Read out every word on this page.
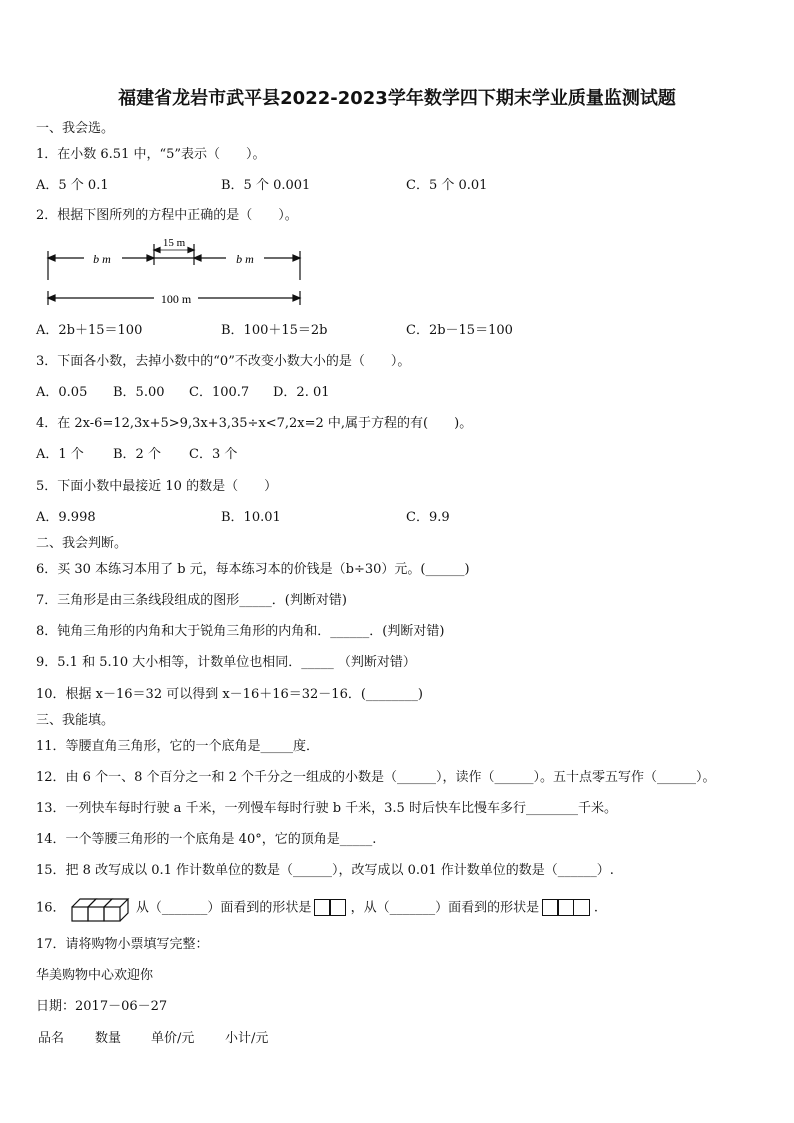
福建省龙岩市武平县2022-2023学年数学四下期末学业质量监测试题
一、我会选。
1．在小数 6.51 中，“5”表示（　　）。
A．5 个 0.1	B．5 个 0.001	C．5 个 0.01
2．根据下图所列的方程中正确的是（　　）。
b m
15 m
b m
100 m
A．2b＋15＝100	B．100＋15＝2b	C．2b－15＝100
3．下面各小数，去掉小数中的“0”不改变小数大小的是（　　）。
A．0.05 B．5.00 C．100.7 D．2. 01
4．在 2x-6=12,3x+5>9,3x+3,35÷x<7,2x=2 中,属于方程的有(　　)。
A．1 个 B．2 个 C．3 个
5．下面小数中最接近 10 的数是（　　）
A．9.998	B．10.01	C．9.9
二、我会判断。
6．买 30 本练习本用了 b 元，每本练习本的价钱是（b÷30）元。(______)
7．三角形是由三条线段组成的图形_____．(判断对错)
8．钝角三角形的内角和大于锐角三角形的内角和．______．(判断对错)
9．5.1 和 5.10 大小相等，计数单位也相同．_____ （判断对错）
10．根据 x－16＝32 可以得到 x－16＋16＝32－16．(________)
三、我能填。
11．等腰直角三角形，它的一个底角是_____度．
12．由 6 个一、8 个百分之一和 2 个千分之一组成的小数是（______），读作（______）。五十点零五写作（______）。
13．一列快车每时行驶 a 千米，一列慢车每时行驶 b 千米，3.5 时后快车比慢车多行________千米。
14．一个等腰三角形的一个底角是 40°，它的顶角是_____.
15．把 8 改写成以 0.1 作计数单位的数是（______），改写成以 0.01 作计数单位的数是（______）.
16．	从（_______）面看到的形状是	，从（_______）面看到的形状是	.
17．请将购物小票填写完整：
华美购物中心欢迎你
日期：2017－06－27
品名 数量 单价/元 小计/元
